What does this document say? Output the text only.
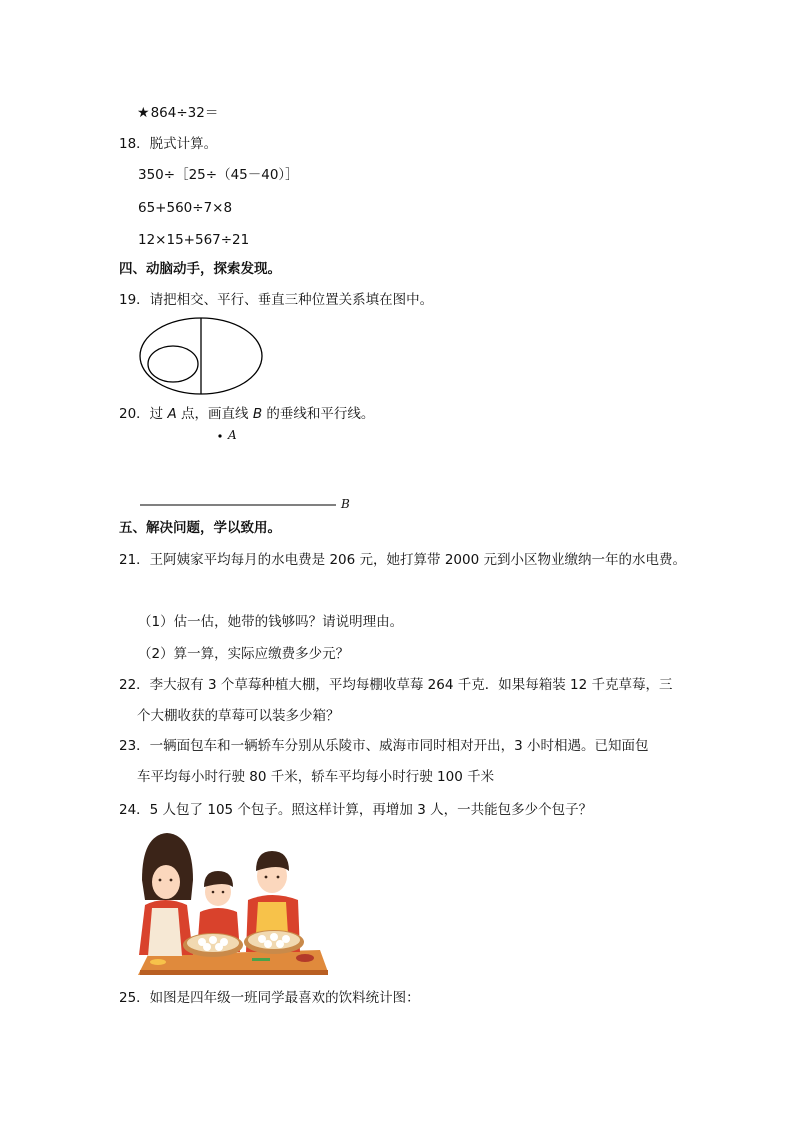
★864÷32＝
18．脱式计算。
350÷［25÷（45－40）］
65+560÷7×8
12×15+567÷21
四、动脑动手，探索发现。
19．请把相交、平行、垂直三种位置关系填在图中。
20．过 A 点，画直线 B 的垂线和平行线。
A
B
五、解决问题，学以致用。
21．王阿姨家平均每月的水电费是 206 元，她打算带 2000 元到小区物业缴纳一年的水电费。
（1）估一估，她带的钱够吗？请说明理由。
（2）算一算，实际应缴费多少元？
22．李大叔有 3 个草莓种植大棚，平均每棚收草莓 264 千克．如果每箱装 12 千克草莓，三
个大棚收获的草莓可以装多少箱？
23．一辆面包车和一辆轿车分别从乐陵市、威海市同时相对开出，3 小时相遇。已知面包
车平均每小时行驶 80 千米，轿车平均每小时行驶 100 千米
24．5 人包了 105 个包子。照这样计算，再增加 3 人，一共能包多少个包子？
25．如图是四年级一班同学最喜欢的饮料统计图：
